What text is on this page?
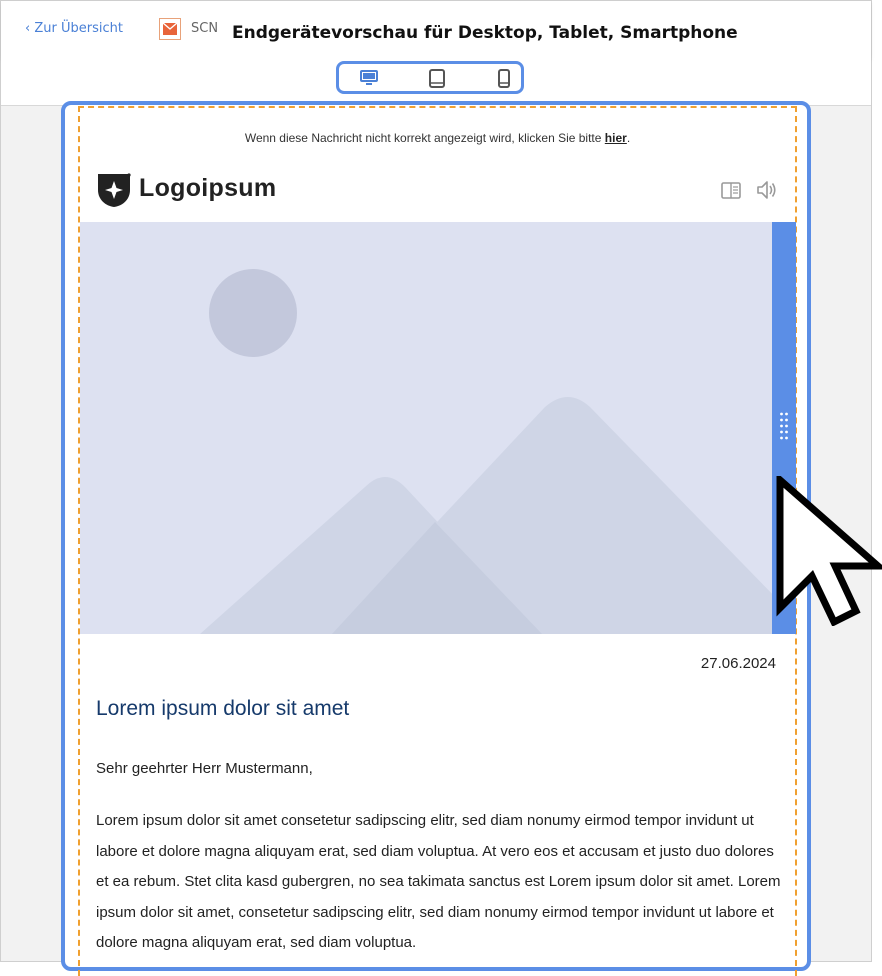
‹ Zur Übersicht	SCN Endgerätevorschau für Desktop, Tablet, Smartphone
Wenn diese Nachricht nicht korrekt angezeigt wird, klicken Sie bitte hier.
Logoipsum
27.06.2024
Lorem ipsum dolor sit amet
Sehr geehrter Herr Mustermann,
Lorem ipsum dolor sit amet consetetur sadipscing elitr, sed diam nonumy eirmod tempor invidunt ut labore et dolore magna aliquyam erat, sed diam voluptua. At vero eos et accusam et justo duo dolores et ea rebum. Stet clita kasd gubergren, no sea takimata sanctus est Lorem ipsum dolor sit amet. Lorem ipsum dolor sit amet, consetetur sadipscing elitr, sed diam nonumy eirmod tempor invidunt ut labore et dolore magna aliquyam erat, sed diam voluptua.
